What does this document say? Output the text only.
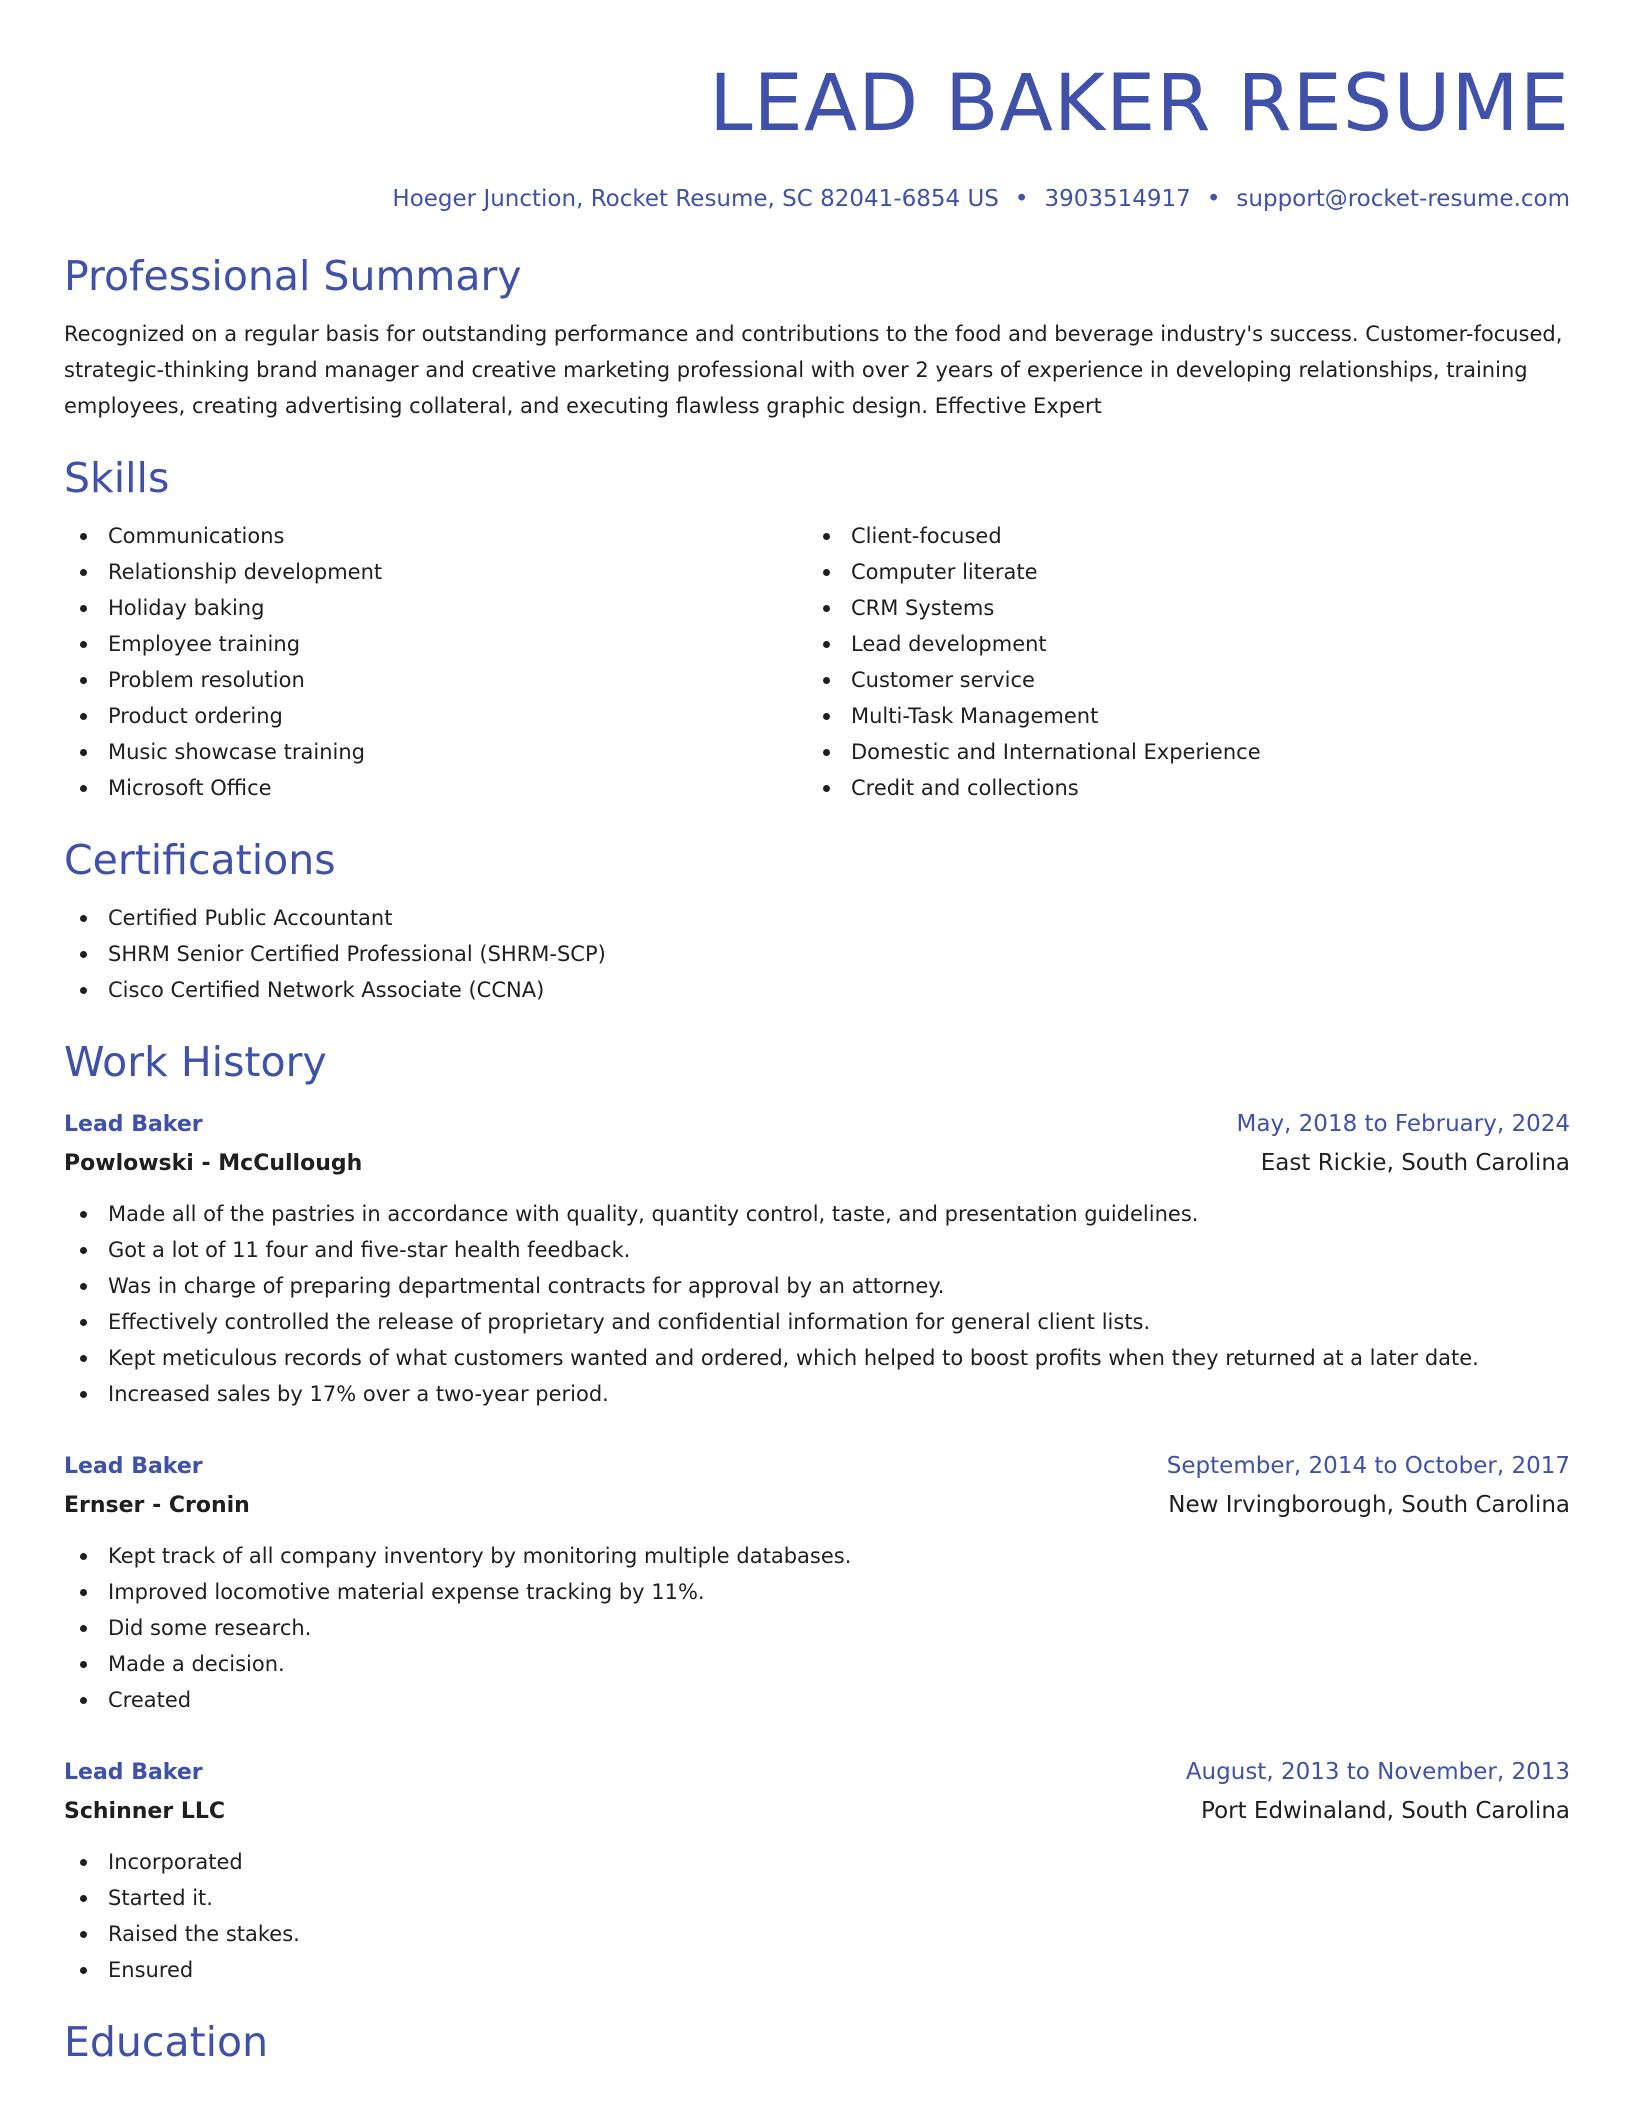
LEAD BAKER RESUME
Hoeger Junction, Rocket Resume, SC 82041-6854 US • 3903514917 • support@rocket-resume.com
Professional Summary
Recognized on a regular basis for outstanding performance and contributions to the food and beverage industry's success. Customer-focused, strategic-thinking brand manager and creative marketing professional with over 2 years of experience in developing relationships, training employees, creating advertising collateral, and executing flawless graphic design. Effective Expert
Skills
Communications
Relationship development
Holiday baking
Employee training
Problem resolution
Product ordering
Music showcase training
Microsoft Office
Client-focused
Computer literate
CRM Systems
Lead development
Customer service
Multi-Task Management
Domestic and International Experience
Credit and collections
Certifications
Certified Public Accountant
SHRM Senior Certified Professional (SHRM-SCP)
Cisco Certified Network Associate (CCNA)
Work History
Lead Baker	May, 2018 to February, 2024
Powlowski - McCullough	East Rickie, South Carolina
Made all of the pastries in accordance with quality, quantity control, taste, and presentation guidelines.
Got a lot of 11 four and five-star health feedback.
Was in charge of preparing departmental contracts for approval by an attorney.
Effectively controlled the release of proprietary and confidential information for general client lists.
Kept meticulous records of what customers wanted and ordered, which helped to boost profits when they returned at a later date.
Increased sales by 17% over a two-year period.
Lead Baker	September, 2014 to October, 2017
Ernser - Cronin	New Irvingborough, South Carolina
Kept track of all company inventory by monitoring multiple databases.
Improved locomotive material expense tracking by 11%.
Did some research.
Made a decision.
Created
Lead Baker	August, 2013 to November, 2013
Schinner LLC	Port Edwinaland, South Carolina
Incorporated
Started it.
Raised the stakes.
Ensured
Education
